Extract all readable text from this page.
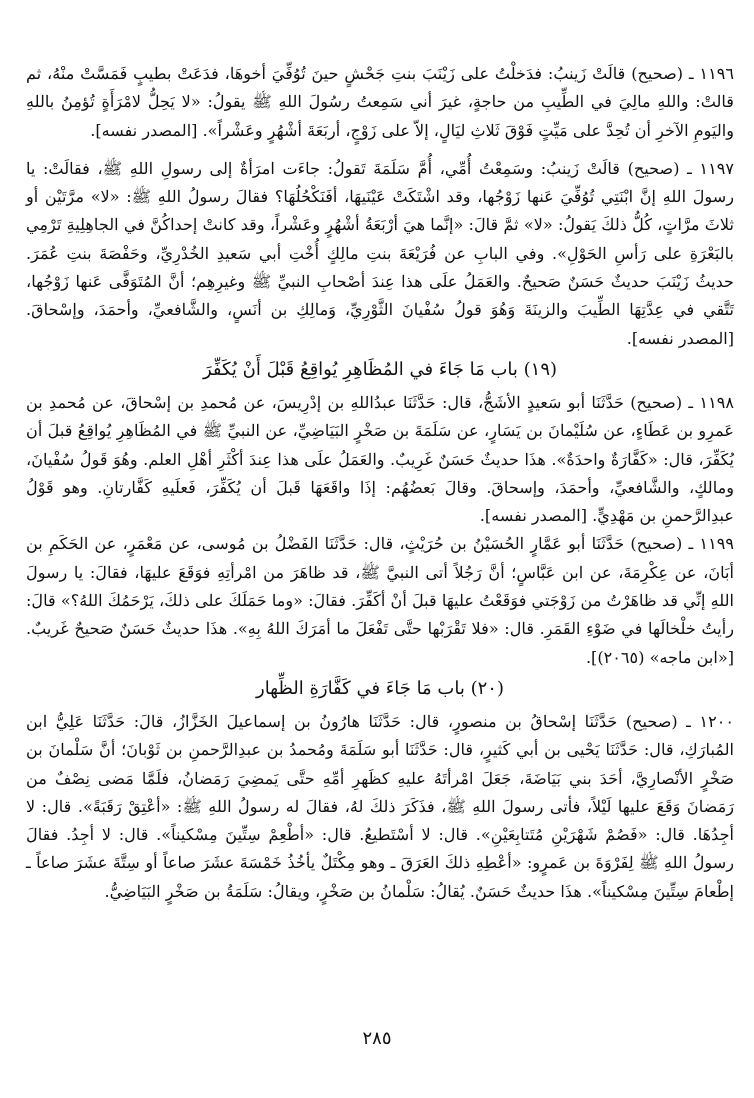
١١٩٦ ـ (صحيح) قالَتْ زَينبُ: فدَخلْتُ على زَيْنَبَ بنتِ جَحْشٍ حينَ تُوُفِّيَ أخوهَا، فدَعَتْ بطيبٍ فَمَسَّتْ منْهُ، ثم قالتْ: واللهِ مالِيَ في الطِّيبِ من حاجةٍ، غيرَ أني سَمِعتُ رسُولَ اللهِ ﷺ يقولُ: «لا يَحِلُّ لامْرَأَةٍ تُؤمِنُ باللهِ واليَومِ الآخرِ أن تُحِدَّ على مَيِّتٍ فَوْقَ ثَلاثِ ليَالٍ، إلاّ على زَوْجٍ، أربَعَةَ أشْهُرٍ وعَشْراً». [المصدر نفسه].

١١٩٧ ـ (صحيح) قالَتْ زَينبُ: وسَمِعْتُ أُمِّي، أُمَّ سَلَمَةَ تَقولُ: جاءَت امرَأةٌ إلى رسولِ اللهِ ﷺ، فقالَتْ: يا رسولَ اللهِ إنَّ ابْنَتِي تُوُفِّيَ عَنها زَوْجُها، وقد اشْتَكَتْ عَيْنَيهَا، أفَنَكْحُلُهَا؟ فقالَ رسولُ اللهِ ﷺ: «لا» مرَّتَيْن أو ثلاثَ مرَّاتٍ، كُلُّ ذلكَ يَقولُ: «لا» ثمَّ قالَ: «إنَّما هيَ أرْبَعَةُ أشْهُرٍ وعَشْراً، وقد كانتْ إحداكُنَّ في الجاهِلِيةِ تَرْمِي بالبَعْرَةِ على رَأسِ الحَوْلِ». وفي البابِ عن فُرَيْعَةَ بنتِ مالِكٍ أُخْتِ أبي سَعيدِ الخُدْرِيِّ، وحَفْصَةَ بنتِ عُمَرَ. حديثُ زَيْنَبَ حديثٌ حَسَنٌ صَحيحٌ. والعَمَلُ علَى هذا عِندَ أصْحابِ النبيِّ ﷺ وغيرِهِم؛ أنَّ المُتَوَفَّى عَنها زَوْجُها، تَتَّقي في عِدَّتِهَا الطِّيبَ والزينَةَ وَهُوَ قولُ سُفْيانَ الثَّوْرِيِّ، وَمالِكِ بن أنَسٍ، والشَّافعيِّ، وأحمَدَ، وإسْحاقَ. [المصدر نفسه].

(١٩) باب مَا جَاءَ في المُظَاهِرِ يُواقِعُ قَبْلَ أَنْ يُكَفِّرَ

١١٩٨ ـ (صحيح) حَدَّثَنَا أبو سَعيدٍ الأشَجُّ، قال: حَدَّثَنَا عبدُاللهِ بن إدْرِيسَ، عن مُحمدِ بن إسْحاقَ، عن مُحمدِ بن عَمرِو بن عَطَاءٍ، عن سُلَيْمانَ بن يَسَارٍ، عن سَلَمَةَ بن صَخْرٍ البَيَاضِيِّ، عن النبيِّ ﷺ في المُظَاهِرِ يُواقِعُ قبلَ أن يُكَفِّرَ، قال: «كَفَّارَةٌ واحدَةٌ». هذَا حديثٌ حَسَنٌ غَرِيبٌ. والعَمَلُ علَى هذا عِندَ أكْثَرِ أهْلِ العلم. وهُوَ قَولُ سُفْيانَ، ومالكٍ، والشَّافعيِّ، وأحمَدَ، وإسحاقَ. وقالَ بَعضُهُم: إذَا واقَعَهَا قَبلَ أن يُكَفِّرَ، فَعلَيهِ كَفَّارتانِ. وهو قَوْلُ عبدِالرَّحمنِ بن مَهْدِيٍّ. [المصدر نفسه].

١١٩٩ ـ (صحيح) حَدَّثَنَا أبو عَمَّارٍ الحُسَيْنُ بن حُرَيْثٍ، قال: حَدَّثَنَا الفَضْلُ بن مُوسى، عن مَعْمَرٍ، عن الحَكَمِ بن أبَانَ، عن عِكْرِمَةَ، عن ابن عَبَّاسٍ؛ أنَّ رَجُلاً أتى النبيَّ ﷺ، قد ظاهَرَ من امْرأتِهِ فوَقَعَ عليهَا، فقالَ: يا رسولَ اللهِ إنِّي قد ظاهَرْتُ من زَوْجَتي فوَقَعْتُ عليهَا قبلَ أنْ أكَفِّرَ. فقالَ: «وما حَمَلَكَ على ذلكَ، يَرْحَمُكَ اللهُ؟» قالَ: رأيتُ خلْخالَها في ضَوْءِ القَمَرِ. قال: «فلا تَقْرَبْها حتَّى تَفْعَلَ ما أمَرَكَ اللهُ بِهِ». هذَا حديثٌ حَسَنٌ صَحيحٌ غَريبٌ. [«ابن ماجه» (٢٠٦٥)].

(٢٠) باب مَا جَاءَ في كَفَّارَةِ الظِّهار

١٢٠٠ ـ (صحيح) حَدَّثَنَا إسْحاقُ بن منصورٍ، قال: حَدَّثَنَا هارُونُ بن إسماعيلَ الخَزَّازُ، قالَ: حَدَّثَنَا عَلِيُّ ابن المُبارَكِ، قال: حَدَّثَنَا يَحْيى بن أبي كَثيرٍ، قال: حَدَّثَنَا أبو سَلَمَةَ ومُحمدُ بن عبدِالرَّحمنِ بن ثَوْبانَ؛ أنَّ سَلْمانَ بن صَخْرٍ الأنْصارِيَّ، أحَدَ بني بَيَاضَةَ، جَعَلَ امْرأتَهُ عليهِ كظَهرِ أمِّهِ حتَّى يَمضِيَ رَمَضانُ، فلَمَّا مَضى نِصْفٌ من رَمَضانَ وَقَعَ عليها لَيْلاً، فأتى رسولَ اللهِ ﷺ، فذَكَرَ ذلكَ لهُ، فقالَ له رسولُ اللهِ ﷺ: «أعْتِقْ رَقَبَةً». قال: لا أجِدُهَا. قال: «فَصُمْ شَهْرَيْنِ مُتَتابِعَيْنِ». قال: لا أسْتَطيعُ. قال: «أطْعِمْ سِتِّينَ مِسْكيناً». قال: لا أجِدُ. فقالَ رسولُ اللهِ ﷺ لِفَرْوَةَ بن عَمرٍو: «أعْطِهِ ذلكَ العَرَقَ ـ وهو مِكْتَلٌ يأخُذُ خَمْسَةَ عشَرَ صاعاً أو سِتَّةَ عشَرَ صاعاً ـ إطْعامَ سِتِّينَ مِسْكيناً». هذَا حديثٌ حَسَنٌ. يُقالُ: سَلْمانُ بن صَخْرٍ، ويقالُ: سَلَمَةُ بن صَخْرٍ البَيَاضِيُّ.

٢٨٥
